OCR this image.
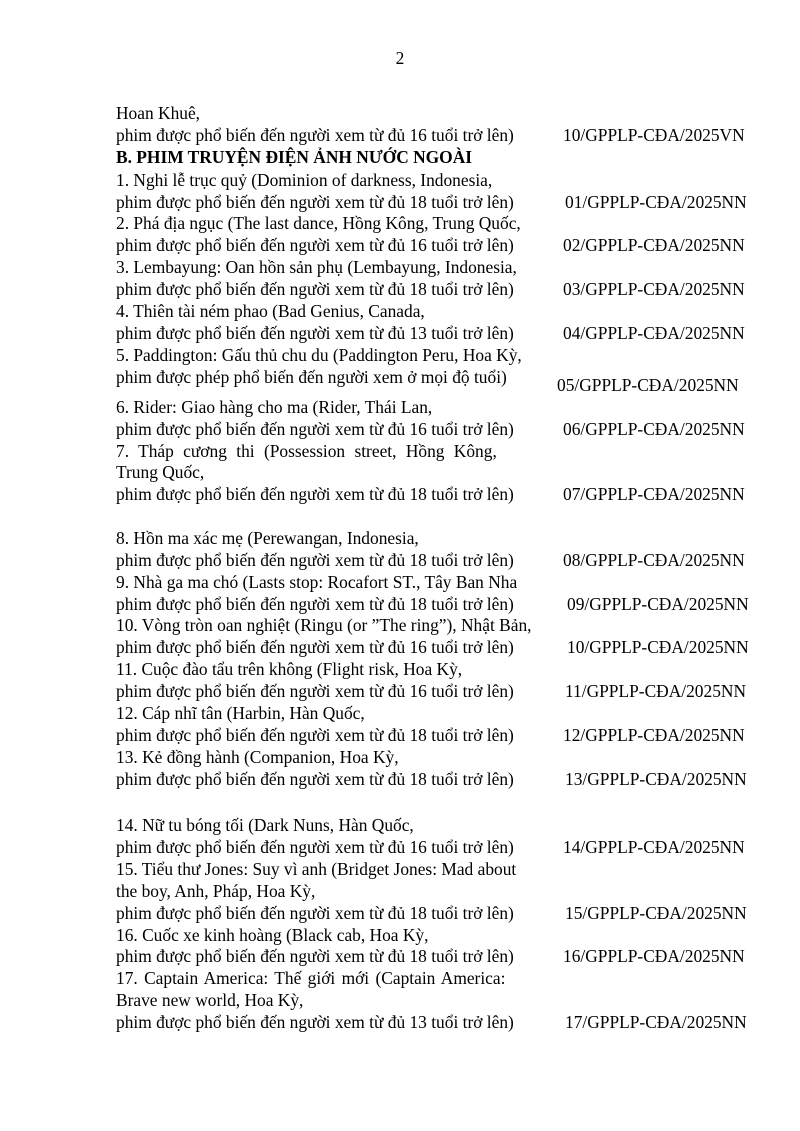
2
Hoan Khuê,
phim được phổ biến đến người xem từ đủ 16 tuổi trở lên)	10/GPPLP-CĐA/2025VN
B. PHIM TRUYỆN ĐIỆN ẢNH NƯỚC NGOÀI
1. Nghi lễ trục quỷ (Dominion of darkness, Indonesia,
phim được phổ biến đến người xem từ đủ 18 tuổi trở lên)	01/GPPLP-CĐA/2025NN
2. Phá địa ngục (The last dance, Hồng Kông, Trung Quốc,
phim được phổ biến đến người xem từ đủ 16 tuổi trở lên)	02/GPPLP-CĐA/2025NN
3. Lembayung: Oan hồn sản phụ (Lembayung, Indonesia,
phim được phổ biến đến người xem từ đủ 18 tuổi trở lên)	03/GPPLP-CĐA/2025NN
4. Thiên tài ném phao (Bad Genius, Canada,
phim được phổ biến đến người xem từ đủ 13 tuổi trở lên)	04/GPPLP-CĐA/2025NN
5. Paddington: Gấu thủ chu du (Paddington Peru, Hoa Kỳ,
phim được phép phổ biến đến người xem ở mọi độ tuổi)	05/GPPLP-CĐA/2025NN
6. Rider: Giao hàng cho ma (Rider, Thái Lan,
phim được phổ biến đến người xem từ đủ 16 tuổi trở lên)	06/GPPLP-CĐA/2025NN
7. Tháp cương thi (Possession street, Hồng Kông,
Trung Quốc,
phim được phổ biến đến người xem từ đủ 18 tuổi trở lên)	07/GPPLP-CĐA/2025NN
8. Hồn ma xác mẹ (Perewangan, Indonesia,
phim được phổ biến đến người xem từ đủ 18 tuổi trở lên)	08/GPPLP-CĐA/2025NN
9. Nhà ga ma chó (Lasts stop: Rocafort ST., Tây Ban Nha
phim được phổ biến đến người xem từ đủ 18 tuổi trở lên)	09/GPPLP-CĐA/2025NN
10. Vòng tròn oan nghiệt (Ringu (or ”The ring”), Nhật Bản,
phim được phổ biến đến người xem từ đủ 16 tuổi trở lên)	10/GPPLP-CĐA/2025NN
11. Cuộc đào tẩu trên không (Flight risk, Hoa Kỳ,
phim được phổ biến đến người xem từ đủ 16 tuổi trở lên)	11/GPPLP-CĐA/2025NN
12. Cáp nhĩ tân (Harbin, Hàn Quốc,
phim được phổ biến đến người xem từ đủ 18 tuổi trở lên)	12/GPPLP-CĐA/2025NN
13. Kẻ đồng hành (Companion, Hoa Kỳ,
phim được phổ biến đến người xem từ đủ 18 tuổi trở lên)	13/GPPLP-CĐA/2025NN
14. Nữ tu bóng tối (Dark Nuns, Hàn Quốc,
phim được phổ biến đến người xem từ đủ 16 tuổi trở lên)	14/GPPLP-CĐA/2025NN
15. Tiểu thư Jones: Suy vì anh (Bridget Jones: Mad about
the boy, Anh, Pháp, Hoa Kỳ,
phim được phổ biến đến người xem từ đủ 18 tuổi trở lên)	15/GPPLP-CĐA/2025NN
16. Cuốc xe kinh hoàng (Black cab, Hoa Kỳ,
phim được phổ biến đến người xem từ đủ 18 tuổi trở lên)	16/GPPLP-CĐA/2025NN
17. Captain America: Thế giới mới (Captain America:
Brave new world, Hoa Kỳ,
phim được phổ biến đến người xem từ đủ 13 tuổi trở lên)	17/GPPLP-CĐA/2025NN
